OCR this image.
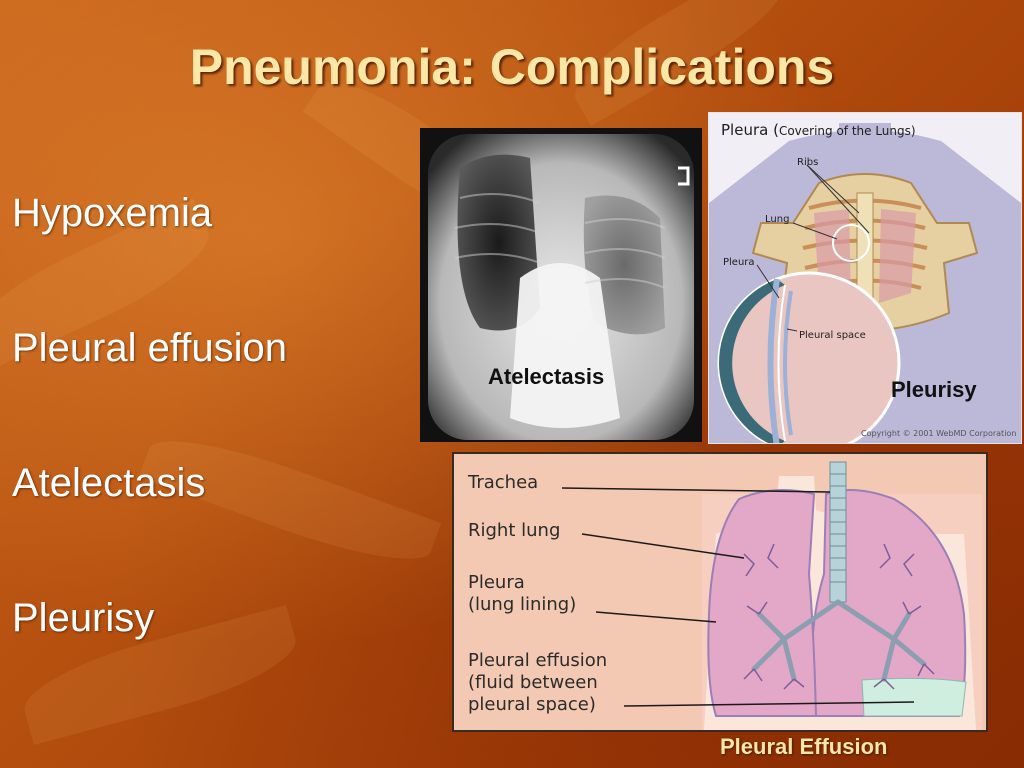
Pneumonia: Complications
Hypoxemia
Pleural effusion
Atelectasis
Pleurisy
Atelectasis
Pleura (Covering of the Lungs)
Ribs
Lung
Pleura
Pleural space
Pleurisy
Copyright © 2001 WebMD Corporation
Trachea
Right lung
Pleura
(lung lining)
Pleural effusion
(fluid between
pleural space)
Pleural Effusion
